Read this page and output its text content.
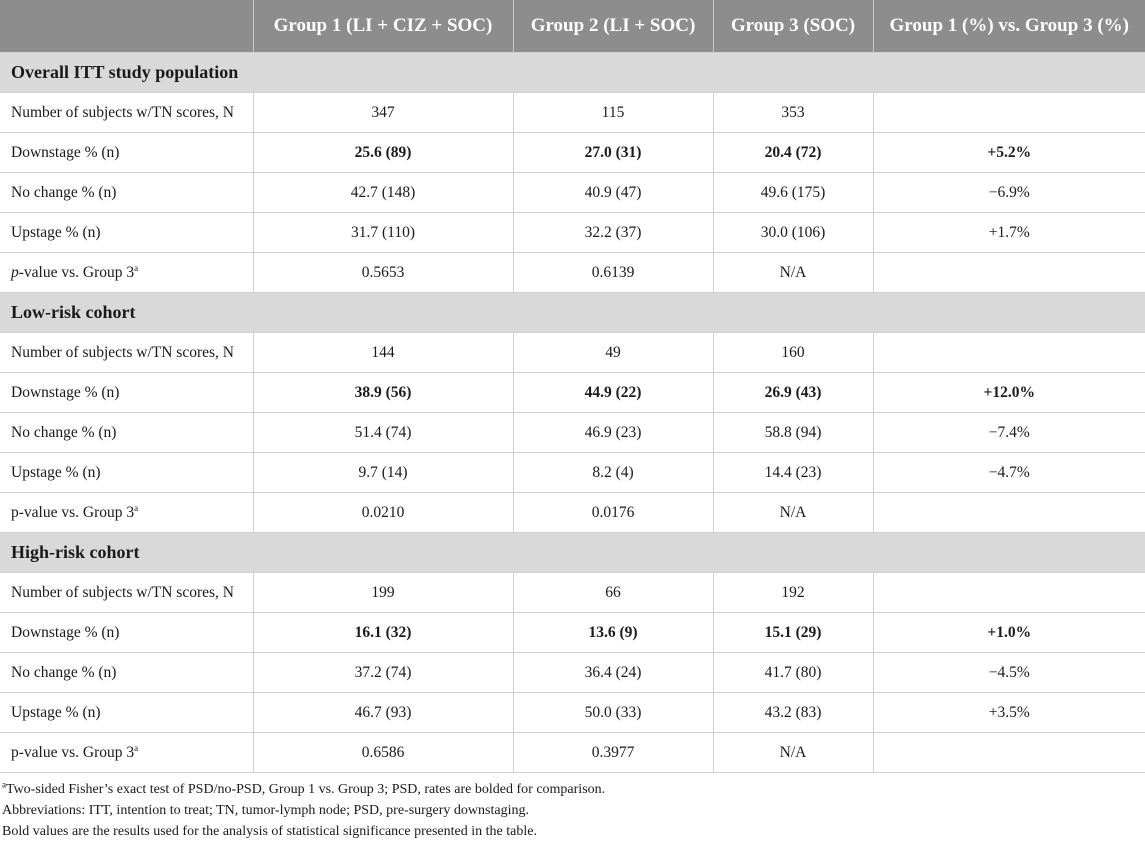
	Group 1 (LI + CIZ + SOC)	Group 2 (LI + SOC)	Group 3 (SOC)	Group 1 (%) vs. Group 3 (%)
Overall ITT study population				
Number of subjects w/TN scores, N	347	115	353	
Downstage % (n)	25.6 (89)	27.0 (31)	20.4 (72)	+5.2%
No change % (n)	42.7 (148)	40.9 (47)	49.6 (175)	−6.9%
Upstage % (n)	31.7 (110)	32.2 (37)	30.0 (106)	+1.7%
p-value vs. Group 3$^a$	0.5653	0.6139	N/A	
Low-risk cohort				
Number of subjects w/TN scores, N	144	49	160	
Downstage % (n)	38.9 (56)	44.9 (22)	26.9 (43)	+12.0%
No change % (n)	51.4 (74)	46.9 (23)	58.8 (94)	−7.4%
Upstage % (n)	9.7 (14)	8.2 (4)	14.4 (23)	−4.7%
p-value vs. Group 3$^a$	0.0210	0.0176	N/A	
High-risk cohort				
Number of subjects w/TN scores, N	199	66	192	
Downstage % (n)	16.1 (32)	13.6 (9)	15.1 (29)	+1.0%
No change % (n)	37.2 (74)	36.4 (24)	41.7 (80)	−4.5%
Upstage % (n)	46.7 (93)	50.0 (33)	43.2 (83)	+3.5%
p-value vs. Group 3$^a$	0.6586	0.3977	N/A	
$^a$Two-sided Fisher’s exact test of PSD/no-PSD, Group 1 vs. Group 3; PSD, rates are bolded for comparison.
Abbreviations: ITT, intention to treat; TN, tumor-lymph node; PSD, pre-surgery downstaging.
Bold values are the results used for the analysis of statistical significance presented in the table.
